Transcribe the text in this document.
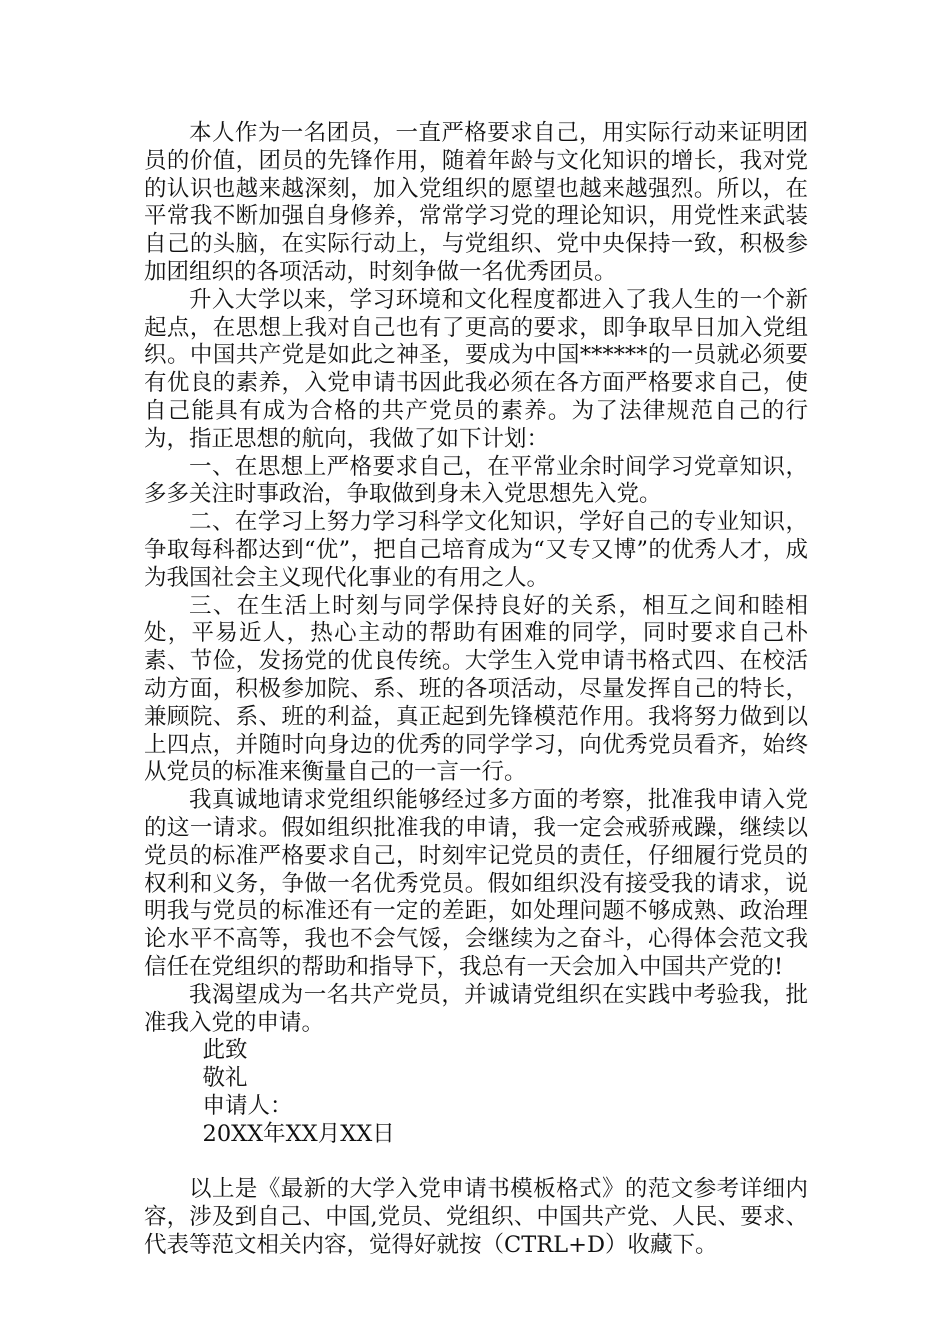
本人作为一名团员，一直严格要求自己，用实际行动来证明团员的价值，团员的先锋作用，随着年龄与文化知识的增长，我对党的认识也越来越深刻，加入党组织的愿望也越来越强烈。所以，在平常我不断加强自身修养，常常学习党的理论知识，用党性来武装自己的头脑，在实际行动上，与党组织、党中央保持一致，积极参加团组织的各项活动，时刻争做一名优秀团员。

升入大学以来，学习环境和文化程度都进入了我人生的一个新起点，在思想上我对自己也有了更高的要求，即争取早日加入党组织。中国共产党是如此之神圣，要成为中国******的一员就必须要有优良的素养，入党申请书因此我必须在各方面严格要求自己，使自己能具有成为合格的共产党员的素养。为了法律规范自己的行为，指正思想的航向，我做了如下计划：

一、在思想上严格要求自己，在平常业余时间学习党章知识，多多关注时事政治，争取做到身未入党思想先入党。

二、在学习上努力学习科学文化知识，学好自己的专业知识，争取每科都达到“优”，把自己培育成为“又专又博”的优秀人才，成为我国社会主义现代化事业的有用之人。

三、在生活上时刻与同学保持良好的关系，相互之间和睦相处，平易近人，热心主动的帮助有困难的同学，同时要求自己朴素、节俭，发扬党的优良传统。大学生入党申请书格式四、在校活动方面，积极参加院、系、班的各项活动，尽量发挥自己的特长，兼顾院、系、班的利益，真正起到先锋模范作用。我将努力做到以上四点，并随时向身边的优秀的同学学习，向优秀党员看齐，始终从党员的标准来衡量自己的一言一行。

我真诚地请求党组织能够经过多方面的考察，批准我申请入党的这一请求。假如组织批准我的申请，我一定会戒骄戒躁，继续以党员的标准严格要求自己，时刻牢记党员的责任，仔细履行党员的权利和义务，争做一名优秀党员。假如组织没有接受我的请求，说明我与党员的标准还有一定的差距，如处理问题不够成熟、政治理论水平不高等，我也不会气馁，会继续为之奋斗，心得体会范文我信任在党组织的帮助和指导下，我总有一天会加入中国共产党的!

我渴望成为一名共产党员，并诚请党组织在实践中考验我，批准我入党的申请。

此致

敬礼

申请人：

20XX年XX月XX日

以上是《最新的大学入党申请书模板格式》的范文参考详细内容，涉及到自己、中国,党员、党组织、中国共产党、人民、要求、代表等范文相关内容，觉得好就按（CTRL+D）收藏下。
